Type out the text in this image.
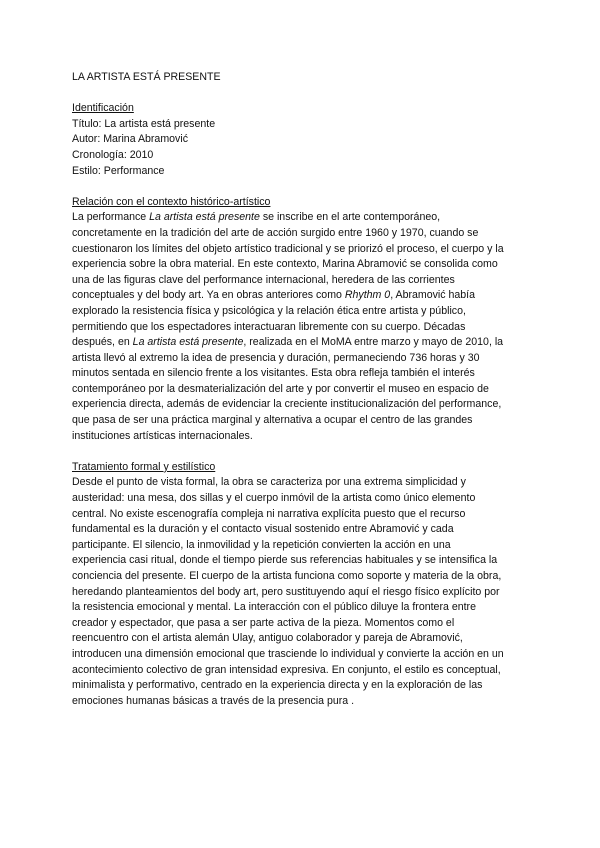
LA ARTISTA ESTÁ PRESENTE
Identificación
Título: La artista está presente
Autor: Marina Abramović
Cronología: 2010
Estilo: Performance
Relación con el contexto histórico-artístico
La performance La artista está presente se inscribe en el arte contemporáneo,
concretamente en la tradición del arte de acción surgido entre 1960 y 1970, cuando se
cuestionaron los límites del objeto artístico tradicional y se priorizó el proceso, el cuerpo y la
experiencia sobre la obra material. En este contexto, Marina Abramović se consolida como
una de las figuras clave del performance internacional, heredera de las corrientes
conceptuales y del body art. Ya en obras anteriores como Rhythm 0, Abramović había
explorado la resistencia física y psicológica y la relación ética entre artista y público,
permitiendo que los espectadores interactuaran libremente con su cuerpo. Décadas
después, en La artista está presente, realizada en el MoMA entre marzo y mayo de 2010, la
artista llevó al extremo la idea de presencia y duración, permaneciendo 736 horas y 30
minutos sentada en silencio frente a los visitantes. Esta obra refleja también el interés
contemporáneo por la desmaterialización del arte y por convertir el museo en espacio de
experiencia directa, además de evidenciar la creciente institucionalización del performance,
que pasa de ser una práctica marginal y alternativa a ocupar el centro de las grandes
instituciones artísticas internacionales.
Tratamiento formal y estilístico
Desde el punto de vista formal, la obra se caracteriza por una extrema simplicidad y
austeridad: una mesa, dos sillas y el cuerpo inmóvil de la artista como único elemento
central. No existe escenografía compleja ni narrativa explícita puesto que el recurso
fundamental es la duración y el contacto visual sostenido entre Abramović y cada
participante. El silencio, la inmovilidad y la repetición convierten la acción en una
experiencia casi ritual, donde el tiempo pierde sus referencias habituales y se intensifica la
conciencia del presente. El cuerpo de la artista funciona como soporte y materia de la obra,
heredando planteamientos del body art, pero sustituyendo aquí el riesgo físico explícito por
la resistencia emocional y mental. La interacción con el público diluye la frontera entre
creador y espectador, que pasa a ser parte activa de la pieza. Momentos como el
reencuentro con el artista alemán Ulay, antiguo colaborador y pareja de Abramović,
introducen una dimensión emocional que trasciende lo individual y convierte la acción en un
acontecimiento colectivo de gran intensidad expresiva. En conjunto, el estilo es conceptual,
minimalista y performativo, centrado en la experiencia directa y en la exploración de las
emociones humanas básicas a través de la presencia pura .
